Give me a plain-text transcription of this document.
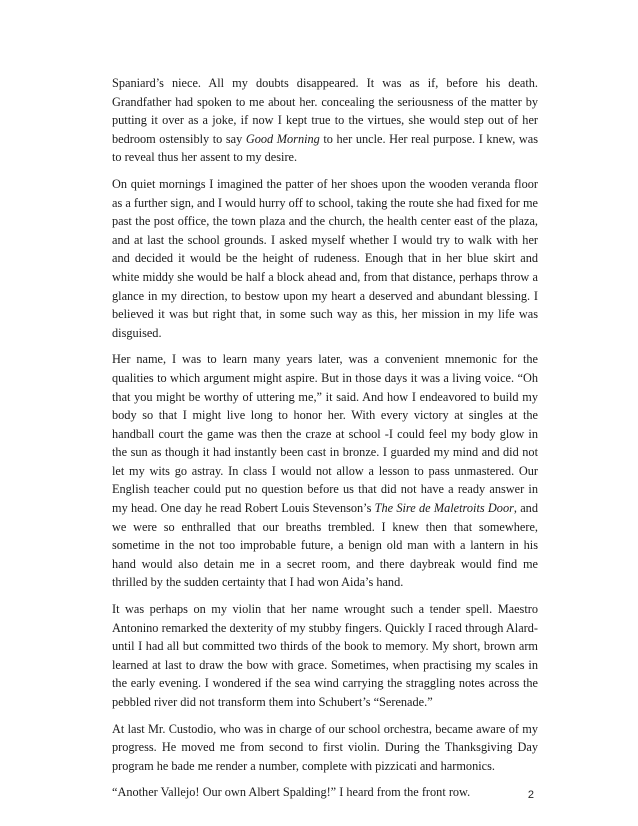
Spaniard’s niece. All my doubts disappeared. It was as if, before his death. Grandfather had spoken to me about her. concealing the seriousness of the matter by putting it over as a joke, if now I kept true to the virtues, she would step out of her bedroom ostensibly to say Good Morning to her uncle. Her real purpose. I knew, was to reveal thus her assent to my desire.

On quiet mornings I imagined the patter of her shoes upon the wooden veranda floor as a further sign, and I would hurry off to school, taking the route she had fixed for me past the post office, the town plaza and the church, the health center east of the plaza, and at last the school grounds. I asked myself whether I would try to walk with her and decided it would be the height of rudeness. Enough that in her blue skirt and white middy she would be half a block ahead and, from that distance, perhaps throw a glance in my direction, to bestow upon my heart a deserved and abundant blessing. I believed it was but right that, in some such way as this, her mission in my life was disguised.

Her name, I was to learn many years later, was a convenient mnemonic for the qualities to which argument might aspire. But in those days it was a living voice. “Oh that you might be worthy of uttering me,” it said. And how I endeavored to build my body so that I might live long to honor her. With every victory at singles at the handball court the game was then the craze at school -I could feel my body glow in the sun as though it had instantly been cast in bronze. I guarded my mind and did not let my wits go astray. In class I would not allow a lesson to pass unmastered. Our English teacher could put no question before us that did not have a ready answer in my head. One day he read Robert Louis Stevenson’s The Sire de Maletroits Door, and we were so enthralled that our breaths trembled. I knew then that somewhere, sometime in the not too improbable future, a benign old man with a lantern in his hand would also detain me in a secret room, and there daybreak would find me thrilled by the sudden certainty that I had won Aida’s hand.

It was perhaps on my violin that her name wrought such a tender spell. Maestro Antonino remarked the dexterity of my stubby fingers. Quickly I raced through Alard-until I had all but committed two thirds of the book to memory. My short, brown arm learned at last to draw the bow with grace. Sometimes, when practising my scales in the early evening. I wondered if the sea wind carrying the straggling notes across the pebbled river did not transform them into Schubert’s “Serenade.”

At last Mr. Custodio, who was in charge of our school orchestra, became aware of my progress. He moved me from second to first violin. During the Thanksgiving Day program he bade me render a number, complete with pizzicati and harmonics.

“Another Vallejo! Our own Albert Spalding!” I heard from the front row.	2
